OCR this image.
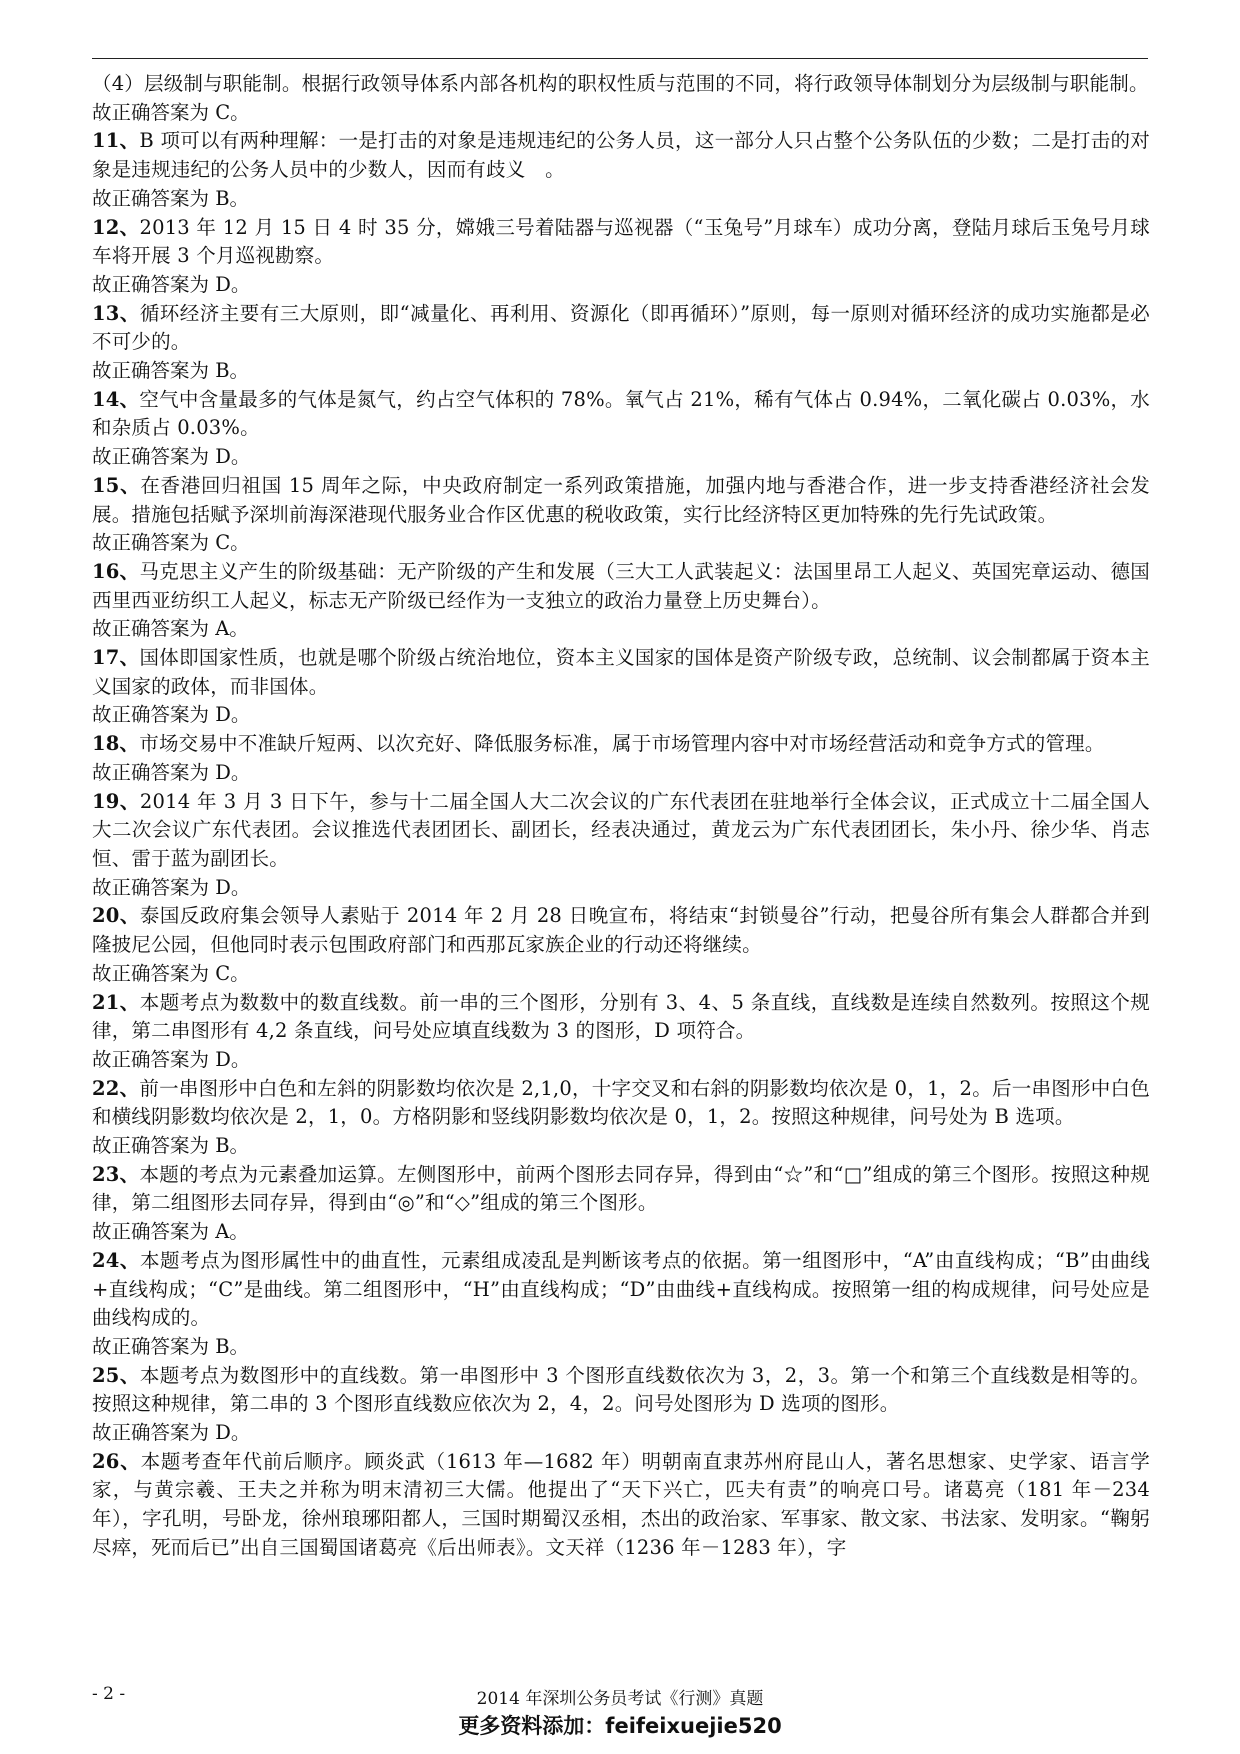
（4）层级制与职能制。根据行政领导体系内部各机构的职权性质与范围的不同，将行政领导体制划分为层级制与职能制。
故正确答案为 C。
11、B 项可以有两种理解：一是打击的对象是违规违纪的公务人员，这一部分人只占整个公务队伍的少数；二是打击的对象是违规违纪的公务人员中的少数人，因而有歧义　。
故正确答案为 B。
12、2013 年 12 月 15 日 4 时 35 分，嫦娥三号着陆器与巡视器（“玉兔号”月球车）成功分离，登陆月球后玉兔号月球车将开展 3 个月巡视勘察。
故正确答案为 D。
13、循环经济主要有三大原则，即“减量化、再利用、资源化（即再循环）”原则，每一原则对循环经济的成功实施都是必不可少的。
故正确答案为 B。
14、空气中含量最多的气体是氮气，约占空气体积的 78%。氧气占 21%，稀有气体占 0.94%，二氧化碳占 0.03%，水和杂质占 0.03%。
故正确答案为 D。
15、在香港回归祖国 15 周年之际，中央政府制定一系列政策措施，加强内地与香港合作，进一步支持香港经济社会发展。措施包括赋予深圳前海深港现代服务业合作区优惠的税收政策，实行比经济特区更加特殊的先行先试政策。
故正确答案为 C。
16、马克思主义产生的阶级基础：无产阶级的产生和发展（三大工人武装起义：法国里昂工人起义、英国宪章运动、德国西里西亚纺织工人起义，标志无产阶级已经作为一支独立的政治力量登上历史舞台）。
故正确答案为 A。
17、国体即国家性质，也就是哪个阶级占统治地位，资本主义国家的国体是资产阶级专政，总统制、议会制都属于资本主义国家的政体，而非国体。
故正确答案为 D。
18、市场交易中不准缺斤短两、以次充好、降低服务标准，属于市场管理内容中对市场经营活动和竞争方式的管理。
故正确答案为 D。
19、2014 年 3 月 3 日下午，参与十二届全国人大二次会议的广东代表团在驻地举行全体会议，正式成立十二届全国人大二次会议广东代表团。会议推选代表团团长、副团长，经表决通过，黄龙云为广东代表团团长，朱小丹、徐少华、肖志恒、雷于蓝为副团长。
故正确答案为 D。
20、泰国反政府集会领导人素贴于 2014 年 2 月 28 日晚宣布，将结束“封锁曼谷”行动，把曼谷所有集会人群都合并到隆披尼公园，但他同时表示包围政府部门和西那瓦家族企业的行动还将继续。
故正确答案为 C。
21、本题考点为数数中的数直线数。前一串的三个图形，分别有 3、4、5 条直线，直线数是连续自然数列。按照这个规律，第二串图形有 4,2 条直线，问号处应填直线数为 3 的图形，D 项符合。
故正确答案为 D。
22、前一串图形中白色和左斜的阴影数均依次是 2,1,0，十字交叉和右斜的阴影数均依次是 0，1，2。后一串图形中白色和横线阴影数均依次是 2，1，0。方格阴影和竖线阴影数均依次是 0，1，2。按照这种规律，问号处为 B 选项。
故正确答案为 B。
23、本题的考点为元素叠加运算。左侧图形中，前两个图形去同存异，得到由“☆”和“□”组成的第三个图形。按照这种规律，第二组图形去同存异，得到由“◎”和“◇”组成的第三个图形。
故正确答案为 A。
24、本题考点为图形属性中的曲直性，元素组成凌乱是判断该考点的依据。第一组图形中，“A”由直线构成；“B”由曲线+直线构成；“C”是曲线。第二组图形中，“H”由直线构成；“D”由曲线+直线构成。按照第一组的构成规律，问号处应是曲线构成的。
故正确答案为 B。
25、本题考点为数图形中的直线数。第一串图形中 3 个图形直线数依次为 3，2，3。第一个和第三个直线数是相等的。按照这种规律，第二串的 3 个图形直线数应依次为 2，4，2。问号处图形为 D 选项的图形。
故正确答案为 D。
26、本题考查年代前后顺序。顾炎武（1613 年—1682 年）明朝南直隶苏州府昆山人，著名思想家、史学家、语言学家，与黄宗羲、王夫之并称为明末清初三大儒。他提出了“天下兴亡，匹夫有责”的响亮口号。诸葛亮（181 年－234 年），字孔明，号卧龙，徐州琅琊阳都人，三国时期蜀汉丞相，杰出的政治家、军事家、散文家、书法家、发明家。“鞠躬尽瘁，死而后已”出自三国蜀国诸葛亮《后出师表》。文天祥（1236 年－1283 年），字
- 2 -	2014 年深圳公务员考试《行测》真题
更多资料添加：feifeixuejie520
